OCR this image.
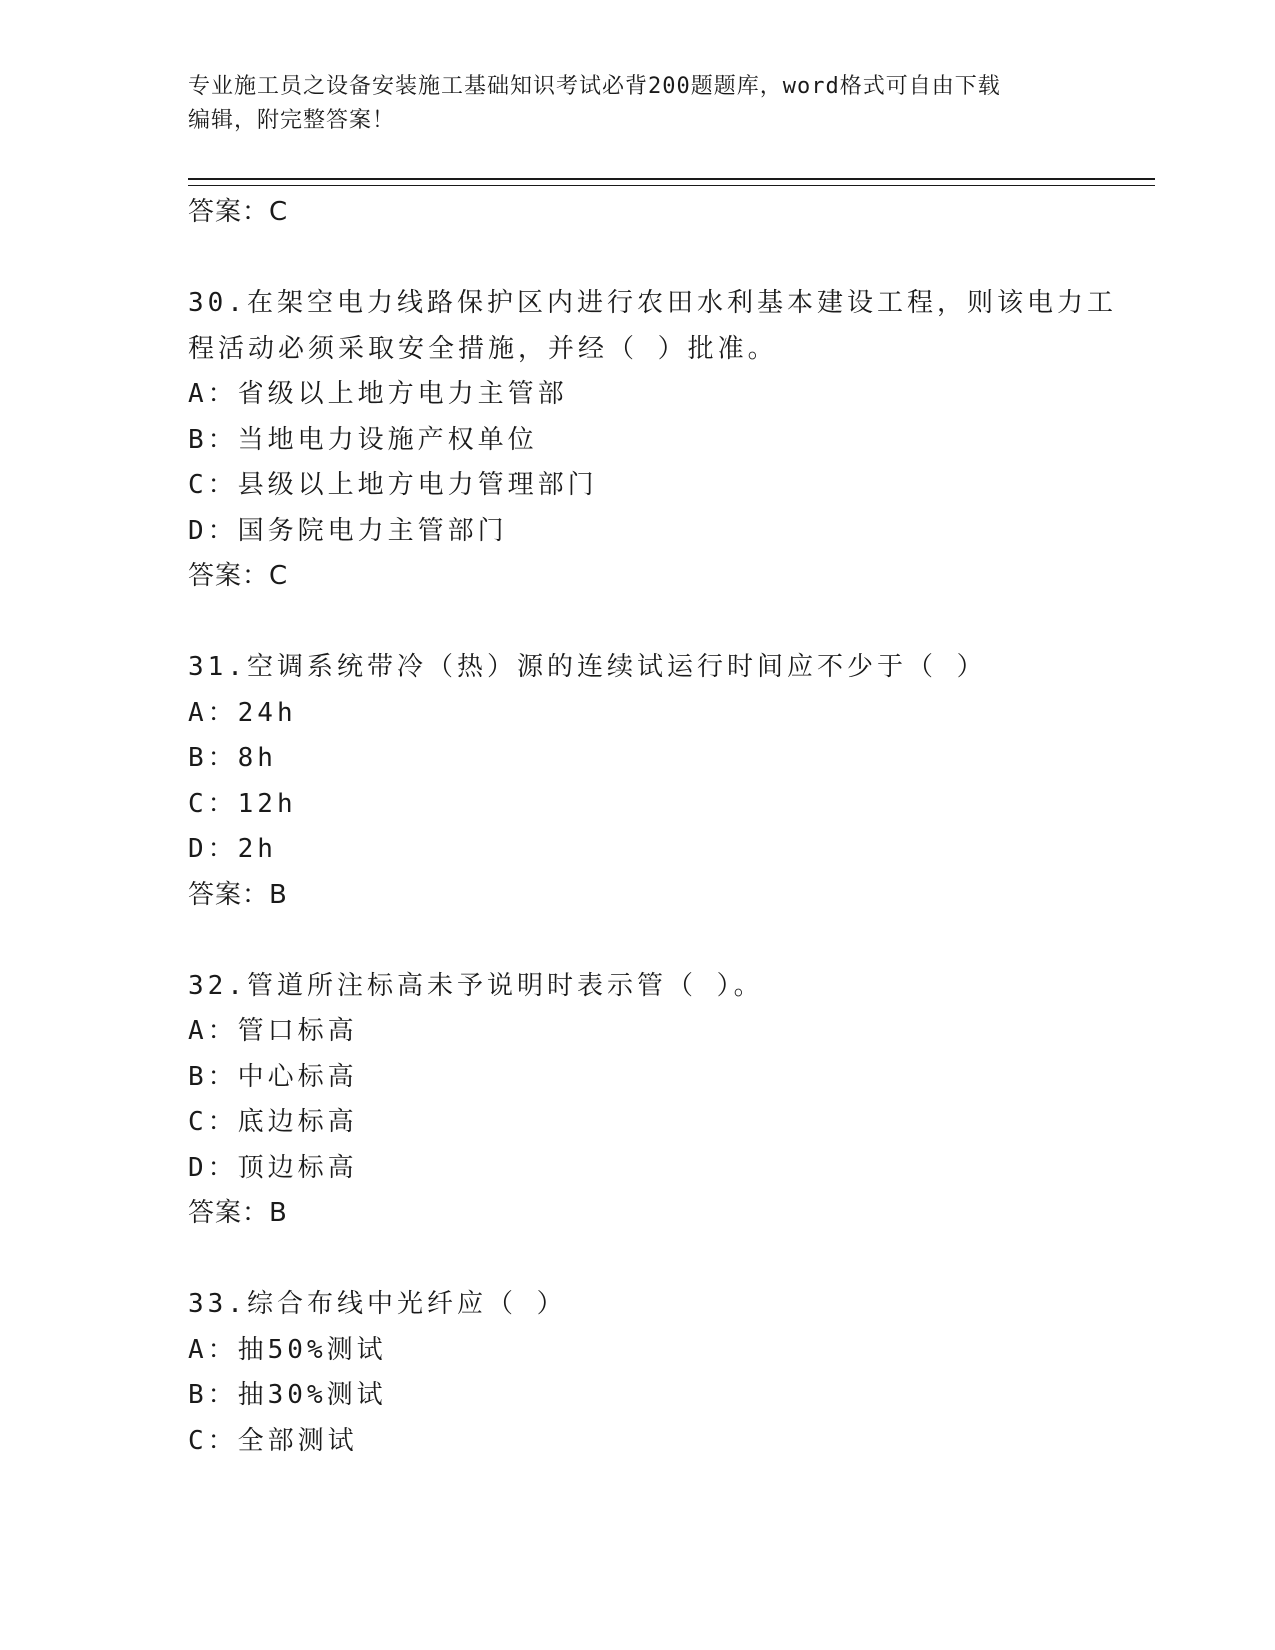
专业施工员之设备安装施工基础知识考试必背200题题库，word格式可自由下载
编辑，附完整答案！
答案：C
30.在架空电力线路保护区内进行农田水利基本建设工程，则该电力工
程活动必须采取安全措施，并经（ ）批准。
A：省级以上地方电力主管部
B：当地电力设施产权单位
C：县级以上地方电力管理部门
D：国务院电力主管部门
答案：C
31.空调系统带冷（热）源的连续试运行时间应不少于（ ）
A：24h
B：8h
C：12h
D：2h
答案：B
32.管道所注标高未予说明时表示管（ ）。
A：管口标高
B：中心标高
C：底边标高
D：顶边标高
答案：B
33.综合布线中光纤应（ ）
A：抽50%测试
B：抽30%测试
C：全部测试
